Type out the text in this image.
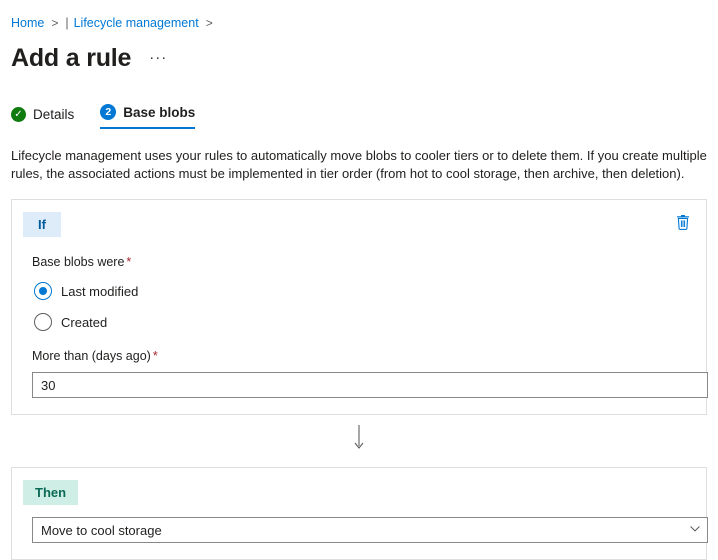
Home > | Lifecycle management >
Add a rule ···
✓ Details	2 Base blobs
Lifecycle management uses your rules to automatically move blobs to cooler tiers or to delete them. If you create multiple rules, the associated actions must be implemented in tier order (from hot to cool storage, then archive, then deletion).
If
Base blobs were *
Last modified
Created
More than (days ago) *
30
Then
Move to cool storage
